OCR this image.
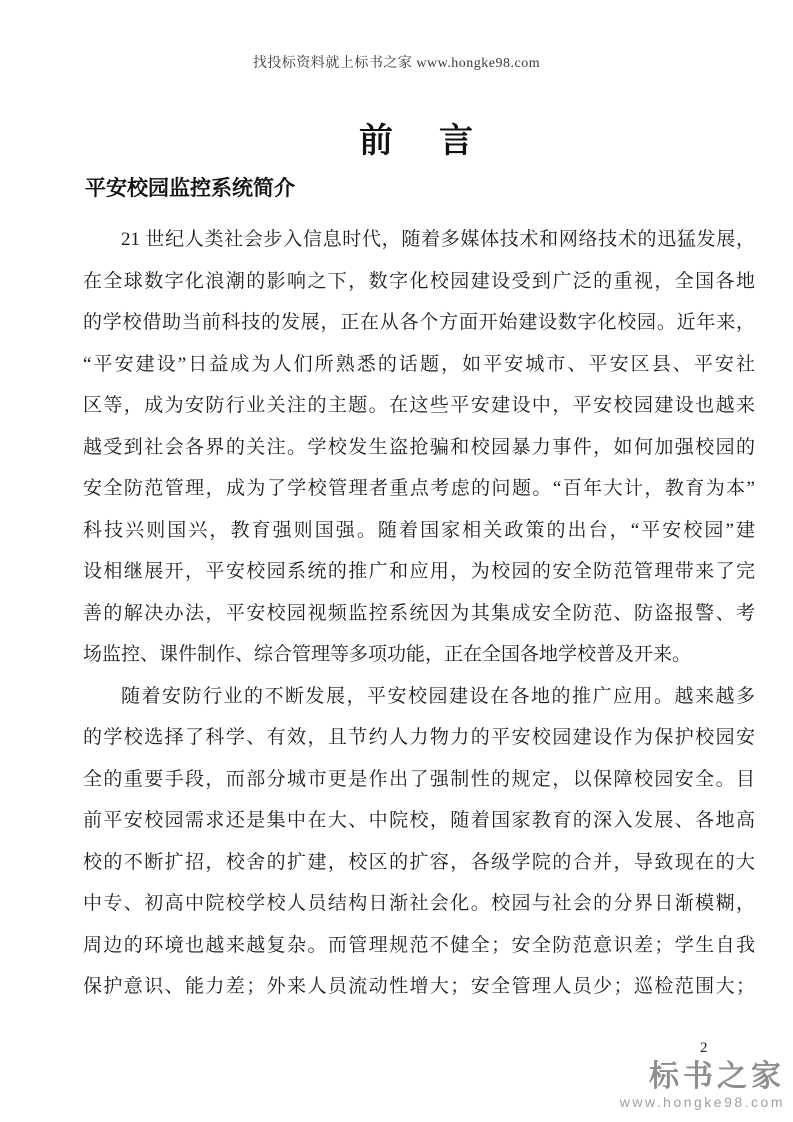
找投标资料就上标书之家 www.hongke98.com
前　言
平安校园监控系统简介
21 世纪人类社会步入信息时代，随着多媒体技术和网络技术的迅猛发展，
在全球数字化浪潮的影响之下，数字化校园建设受到广泛的重视，全国各地
的学校借助当前科技的发展，正在从各个方面开始建设数字化校园。近年来，
“平安建设”日益成为人们所熟悉的话题，如平安城市、平安区县、平安社
区等，成为安防行业关注的主题。在这些平安建设中，平安校园建设也越来
越受到社会各界的关注。学校发生盗抢骗和校园暴力事件，如何加强校园的
安全防范管理，成为了学校管理者重点考虑的问题。“百年大计，教育为本”
科技兴则国兴，教育强则国强。随着国家相关政策的出台，“平安校园”建
设相继展开，平安校园系统的推广和应用，为校园的安全防范管理带来了完
善的解决办法，平安校园视频监控系统因为其集成安全防范、防盗报警、考
场监控、课件制作、综合管理等多项功能，正在全国各地学校普及开来。
随着安防行业的不断发展，平安校园建设在各地的推广应用。越来越多
的学校选择了科学、有效，且节约人力物力的平安校园建设作为保护校园安
全的重要手段，而部分城市更是作出了强制性的规定，以保障校园安全。目
前平安校园需求还是集中在大、中院校，随着国家教育的深入发展、各地高
校的不断扩招，校舍的扩建，校区的扩容，各级学院的合并，导致现在的大
中专、初高中院校学校人员结构日渐社会化。校园与社会的分界日渐模糊，
周边的环境也越来越复杂。而管理规范不健全；安全防范意识差；学生自我
保护意识、能力差；外来人员流动性增大；安全管理人员少；巡检范围大；
2
标书之家
www.hongke98.com
